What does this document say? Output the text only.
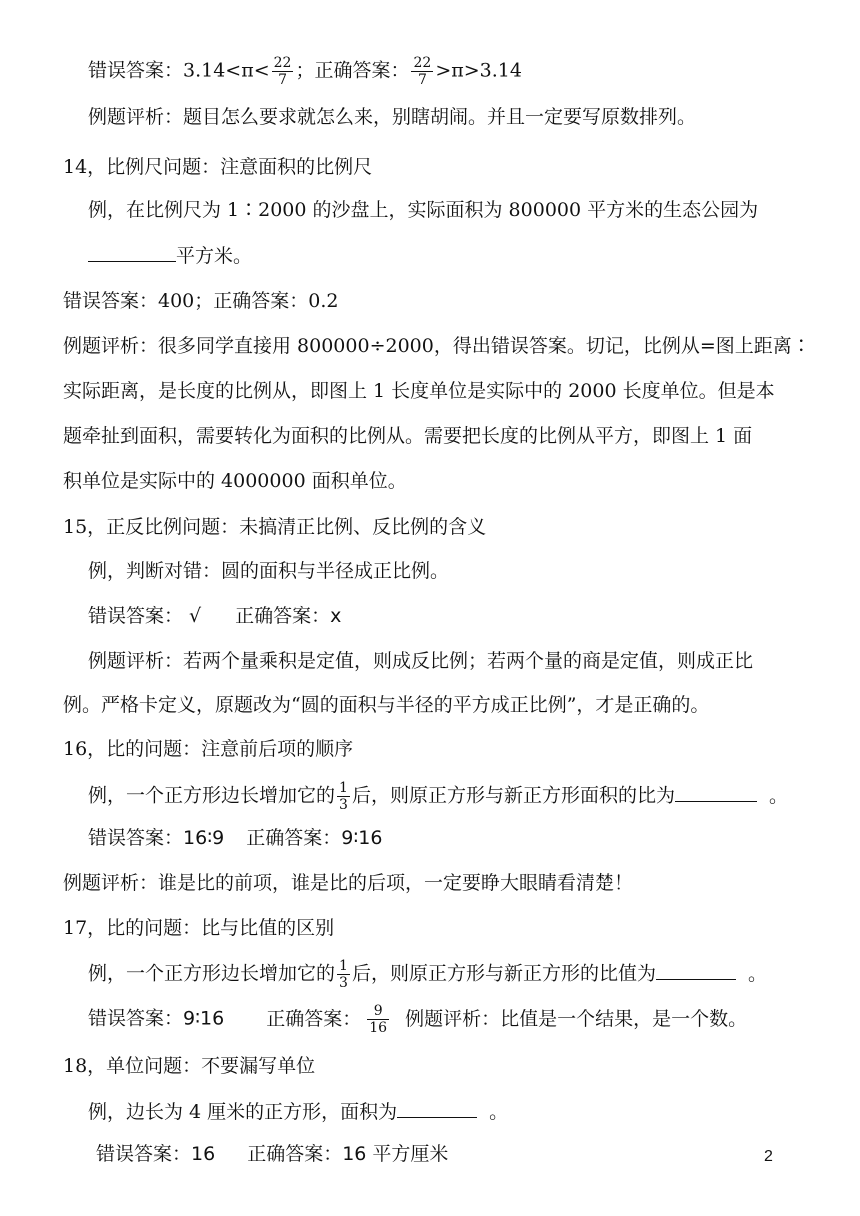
错误答案：$3.14<\pi< \frac{22}{7}$ ；正确答案： $\frac{22}{7} >\pi>3.14$
例题评析：题目怎么要求就怎么来，别瞎胡闹。并且一定要写原数排列。
14，比例尺问题：注意面积的比例尺
例，在比例尺为 1∶2000 的沙盘上，实际面积为 800000 平方米的生态公园为
平方米。
错误答案：400；正确答案：0.2
例题评析：很多同学直接用 800000÷2000，得出错误答案。切记，比例从=图上距离∶
实际距离，是长度的比例从，即图上 1 长度单位是实际中的 2000 长度单位。但是本
题牵扯到面积，需要转化为面积的比例从。需要把长度的比例从平方，即图上 1 面
积单位是实际中的 4000000 面积单位。
15，正反比例问题：未搞清正比例、反比例的含义
例，判断对错：圆的面积与半径成正比例。
错误答案： √ 正确答案：x
例题评析：若两个量乘积是定值，则成反比例；若两个量的商是定值，则成正比
例。严格卡定义，原题改为“圆的面积与半径的平方成正比例”，才是正确的。
16，比的问题：注意前后项的顺序
例，一个正方形边长增加它的 $\frac{1}{3}$ 后，则原正方形与新正方形面积的比为	。
错误答案：16∶9 正确答案：9∶16
例题评析：谁是比的前项，谁是比的后项，一定要睁大眼睛看清楚！
17，比的问题：比与比值的区别
例，一个正方形边长增加它的 $\frac{1}{3}$ 后，则原正方形与新正方形的比值为	。
错误答案：9∶16 正确答案： $\frac{9}{16}$ 例题评析：比值是一个结果，是一个数。
18，单位问题：不要漏写单位
例，边长为 4 厘米的正方形，面积为	。
错误答案：16 正确答案：16 平方厘米	2
